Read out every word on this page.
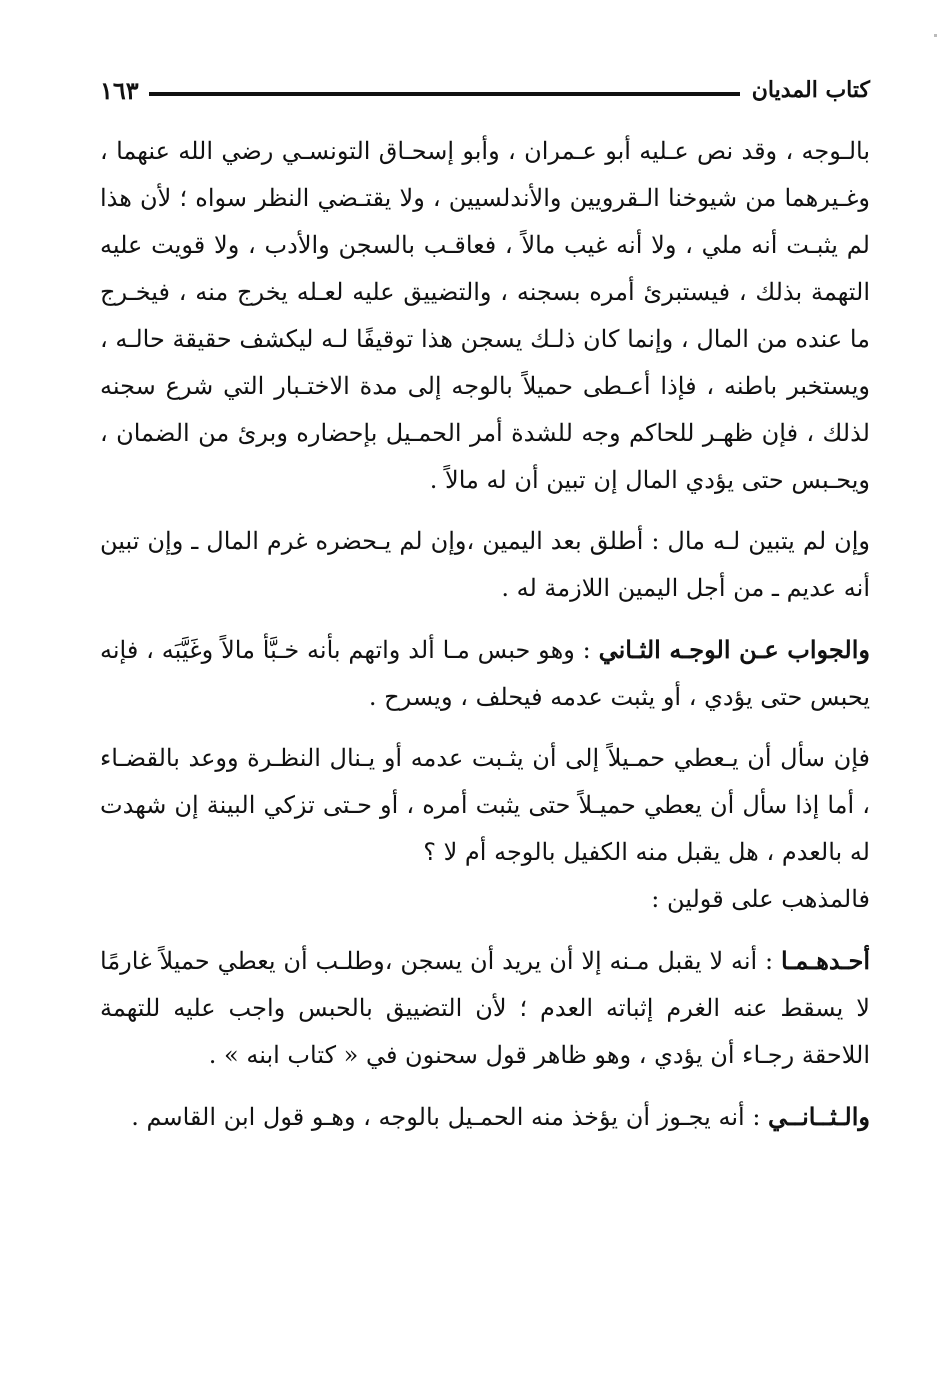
كتاب المديان
١٦٣

بالـوجه ، وقد نص عـليه أبو عـمران ، وأبو إسحـاق التونسـي رضي الله عنهما ، وغـيرهما من شيوخنا الـقرويين والأندلسيين ، ولا يقتـضي النظر سواه ؛ لأن هذا لم يثبـت أنه ملي ، ولا أنه غيب مالاً ، فعاقـب بالسجن والأدب ، ولا قويت عليه التهمة بذلك ، فيستبرئ أمره بسجنه ، والتضييق عليه لعـله يخرج منه ، فيخـرج ما عنده من المال ، وإنما كان ذلـك يسجن هذا توقيفًا لـه ليكشف حقيقة حالـه ، ويستخبر باطنه ، فإذا أعـطى حميلاً بالوجه إلى مدة الاختـبار التي شرع سجنه لذلك ، فإن ظهـر للحاكم وجه للشدة أمر الحمـيل بإحضاره وبرئ من الضمان ، ويحـبس حتى يؤدي المال إن تبين أن له مالاً .

وإن لم يتبين لـه مال : أطلق بعد اليمين ،وإن لم يـحضره غرم المال ـ وإن تبين أنه عديم ـ من أجل اليمين اللازمة له .

والجواب عـن الوجـه الثـاني : وهو حبس مـا ألد واتهم بأنه خـبَّأ مالاً وغَيَّبَه ، فإنه يحبس حتى يؤدي ، أو يثبت عدمه فيحلف ، ويسرح .

فإن سأل أن يـعطي حمـيلاً إلى أن يثـبت عدمه أو يـنال النظـرة ووعد بالقضـاء ، أما إذا سأل أن يعطي حميـلاً حتى يثبت أمره ، أو حـتى تزكي البينة إن شهدت له بالعدم ، هل يقبل منه الكفيل بالوجه أم لا ؟

فالمذهب على قولين :

أحـدهـمـا : أنه لا يقبل مـنه إلا أن يريد أن يسجن ،وطلـب أن يعطي حميلاً غارمًا لا يسقط عنه الغرم إثباته العدم ؛ لأن التضييق بالحبس واجب عليه للتهمة اللاحقة رجـاء أن يؤدي ، وهو ظاهر قول سحنون في « كتاب ابنه » .

والـثــانــي : أنه يجـوز أن يؤخذ منه الحمـيل بالوجه ، وهـو قول ابن القاسم .
